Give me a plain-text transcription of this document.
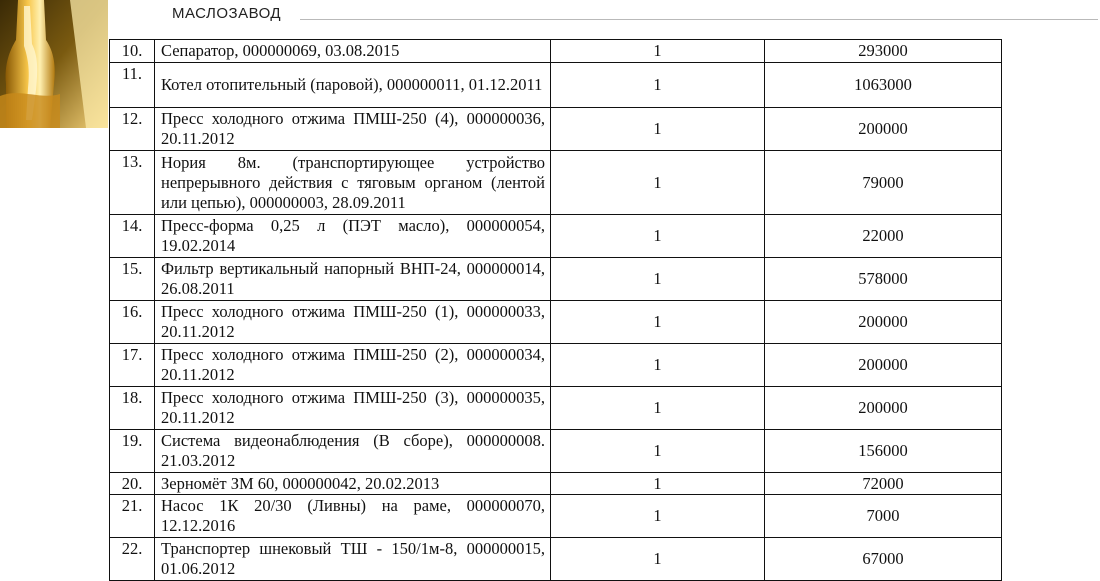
МАСЛОЗАВОД
10.	Сепаратор, 000000069, 03.08.2015	1	293000
11.	Котел отопительный (паровой), 000000011, 01.12.2011	1	1063000
12.	Пресс холодного отжима ПМШ-250 (4), 000000036, 20.11.2012	1	200000
13.	Нория 8м. (транспортирующее устройство непрерывного действия с тяговым органом (лентой или цепью), 000000003, 28.09.2011	1	79000
14.	Пресс-форма 0,25 л (ПЭТ масло), 000000054, 19.02.2014	1	22000
15.	Фильтр вертикальный напорный ВНП-24, 000000014, 26.08.2011	1	578000
16.	Пресс холодного отжима ПМШ-250 (1), 000000033, 20.11.2012	1	200000
17.	Пресс холодного отжима ПМШ-250 (2), 000000034, 20.11.2012	1	200000
18.	Пресс холодного отжима ПМШ-250 (3), 000000035, 20.11.2012	1	200000
19.	Система видеонаблюдения (В сборе), 000000008. 21.03.2012	1	156000
20.	Зерномёт ЗМ 60, 000000042, 20.02.2013	1	72000
21.	Насос 1К 20/30 (Ливны) на раме, 000000070, 12.12.2016	1	7000
22.	Транспортер шнековый ТШ - 150/1м-8, 000000015, 01.06.2012	1	67000
